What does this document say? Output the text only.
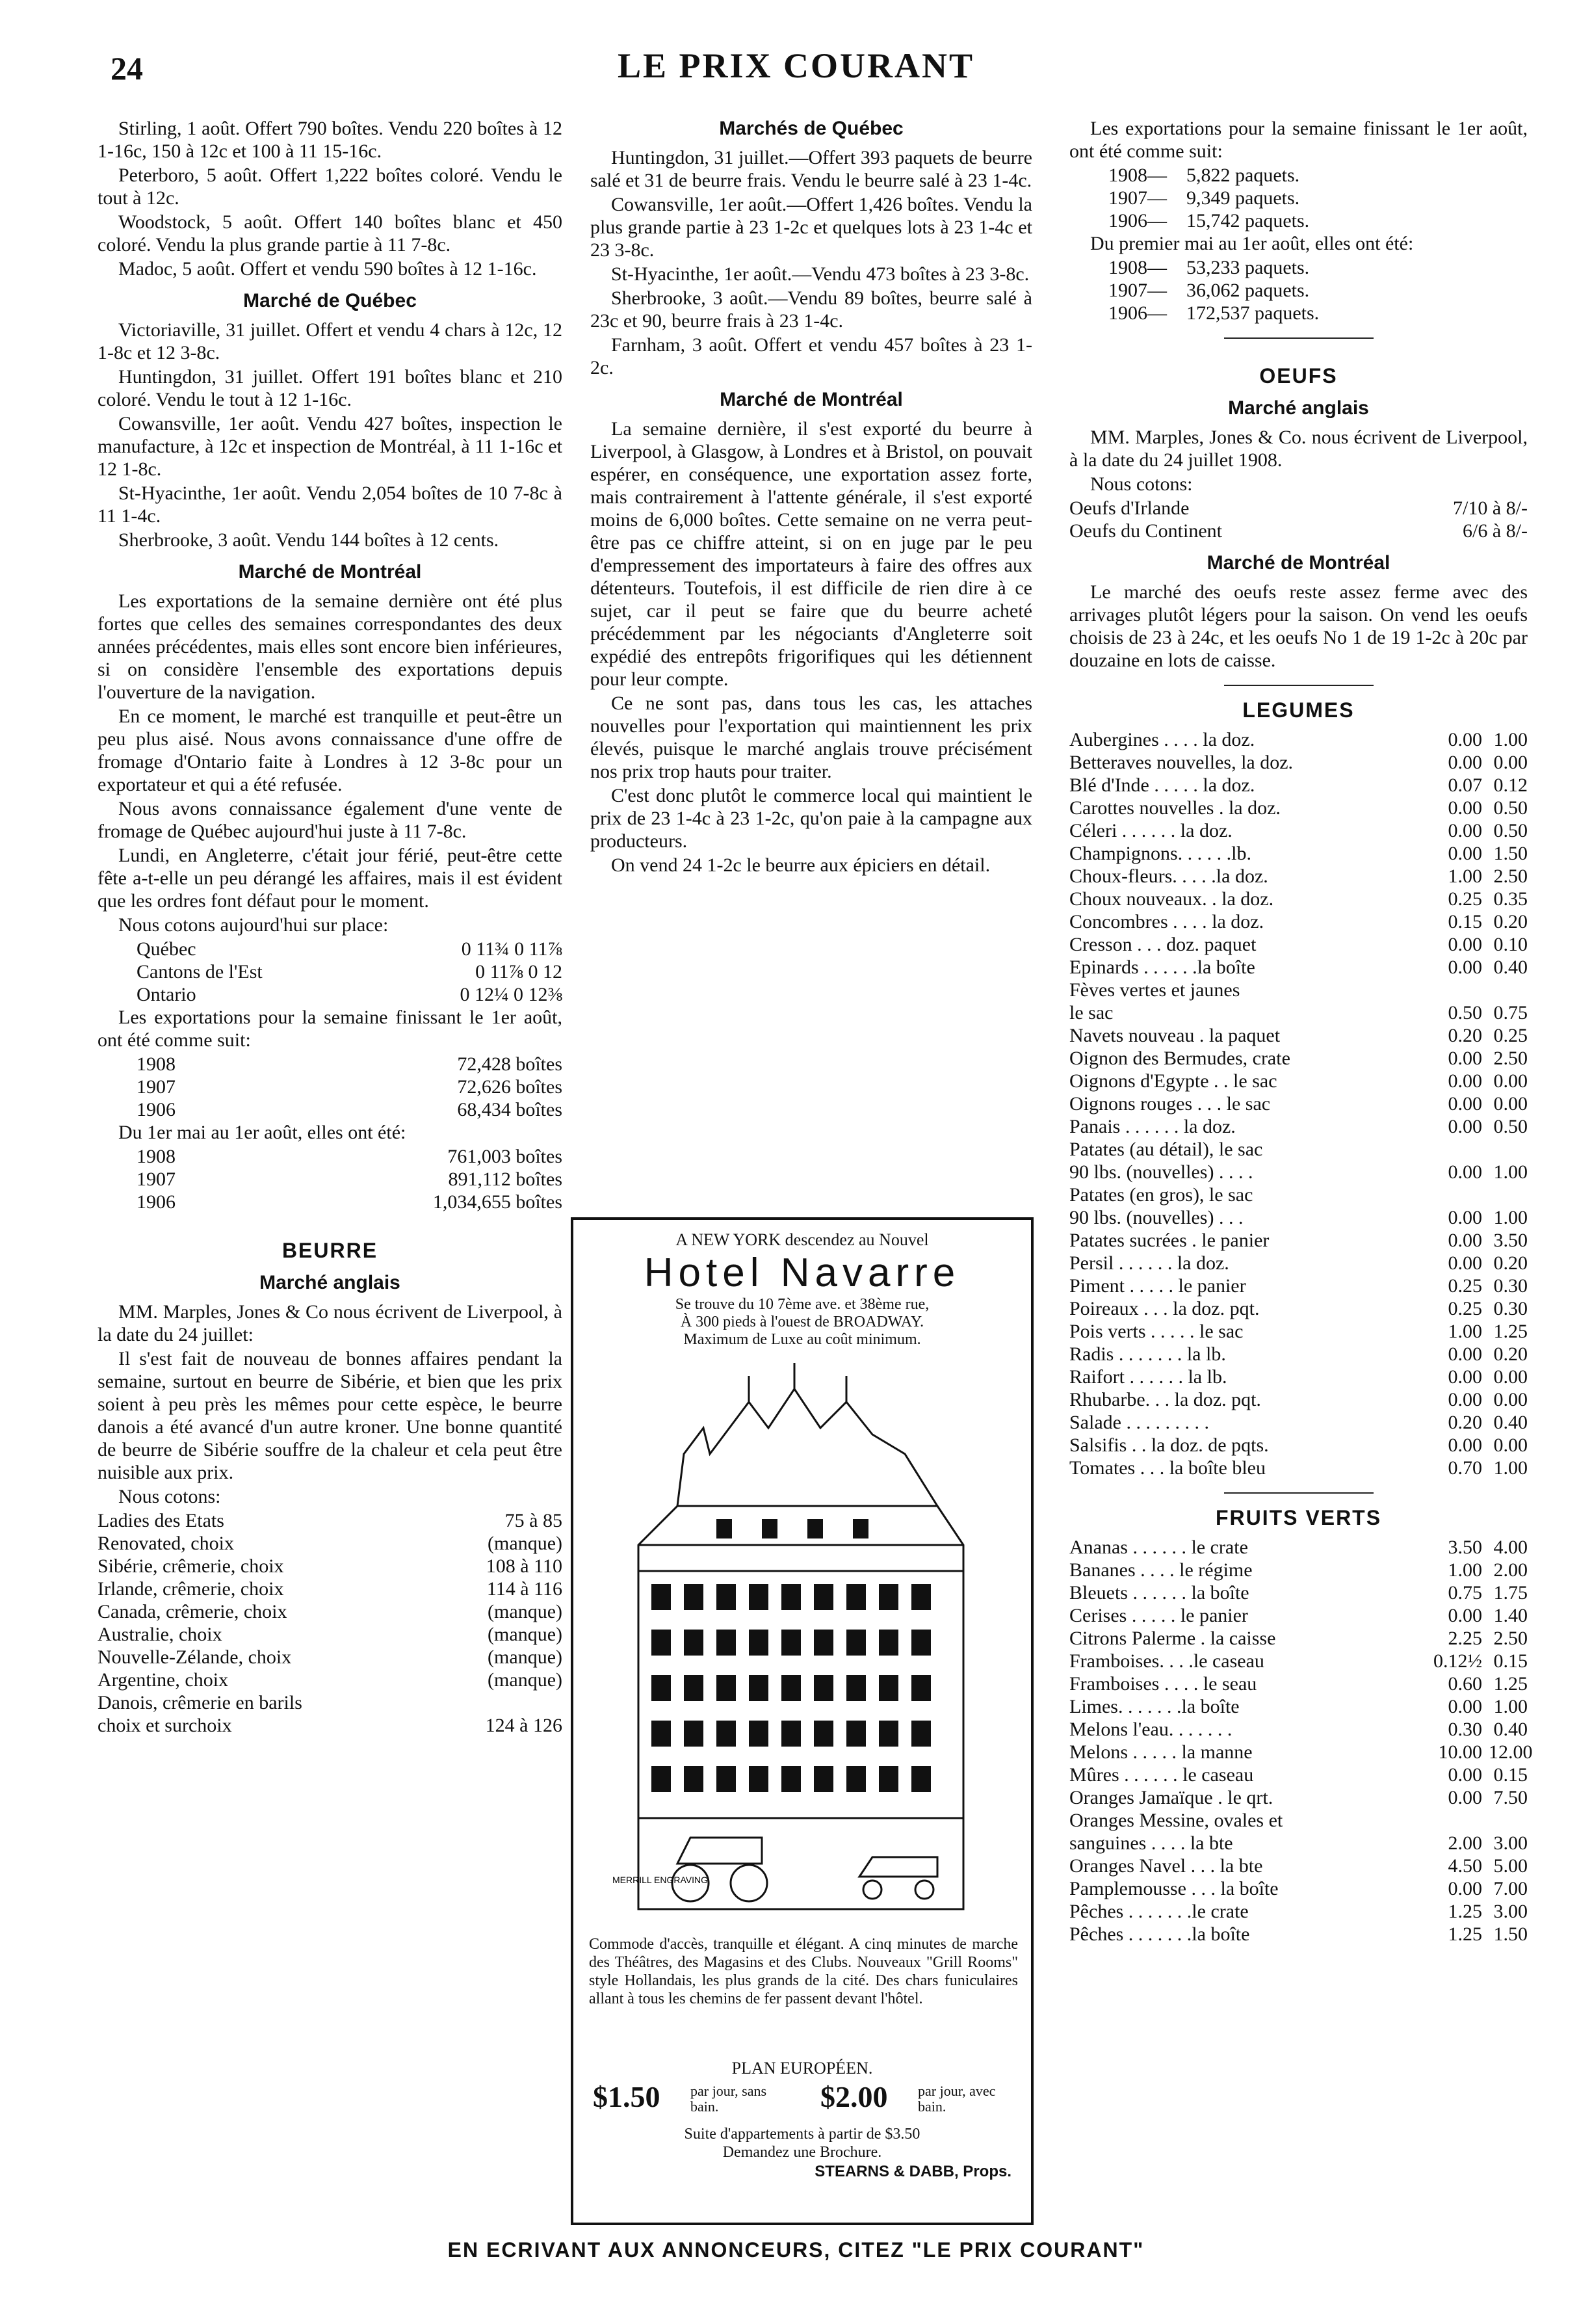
24	LE PRIX COURANT

Stirling, 1 août. Offert 790 boîtes. Vendu 220 boîtes à 12 1-16c, 150 à 12c et 100 à 11 15-16c.

Peterboro, 5 août. Offert 1,222 boîtes coloré. Vendu le tout à 12c.

Woodstock, 5 août. Offert 140 boîtes blanc et 450 coloré. Vendu la plus grande partie à 11 7-8c.

Madoc, 5 août. Offert et vendu 590 boîtes à 12 1-16c.

Marché de Québec

Victoriaville, 31 juillet. Offert et vendu 4 chars à 12c, 12 1-8c et 12 3-8c.

Huntingdon, 31 juillet. Offert 191 boîtes blanc et 210 coloré. Vendu le tout à 12 1-16c.

Cowansville, 1er août. Vendu 427 boîtes, inspection le manufacture, à 12c et inspection de Montréal, à 11 1-16c et 12 1-8c.

St-Hyacinthe, 1er août. Vendu 2,054 boîtes de 10 7-8c à 11 1-4c.

Sherbrooke, 3 août. Vendu 144 boîtes à 12 cents.

Marché de Montréal

Les exportations de la semaine dernière ont été plus fortes que celles des semaines correspondantes des deux années précédentes, mais elles sont encore bien inférieures, si on considère l'ensemble des exportations depuis l'ouverture de la navigation.

En ce moment, le marché est tranquille et peut-être un peu plus aisé. Nous avons connaissance d'une offre de fromage d'Ontario faite à Londres à 12 3-8c pour un exportateur et qui a été refusée.

Nous avons connaissance également d'une vente de fromage de Québec aujourd'hui juste à 11 7-8c.

Lundi, en Angleterre, c'était jour férié, peut-être cette fête a-t-elle un peu dérangé les affaires, mais il est évident que les ordres font défaut pour le moment.

Nous cotons aujourd'hui sur place:

Québec	0 11¾ 0 11⅞
Cantons de l'Est	0 11⅞ 0 12
Ontario	0 12¼ 0 12⅜

Les exportations pour la semaine finissant le 1er août, ont été comme suit:

1908	72,428 boîtes
1907	72,626 boîtes
1906	68,434 boîtes

Du 1er mai au 1er août, elles ont été:

1908	761,003 boîtes
1907	891,112 boîtes
1906	1,034,655 boîtes
BEURRE
Marché anglais

MM. Marples, Jones & Co nous écrivent de Liverpool, à la date du 24 juillet:

Il s'est fait de nouveau de bonnes affaires pendant la semaine, surtout en beurre de Sibérie, et bien que les prix soient à peu près les mêmes pour cette espèce, le beurre danois a été avancé d'un autre kroner. Une bonne quantité de beurre de Sibérie souffre de la chaleur et cela peut être nuisible aux prix.

Nous cotons:

Ladies des Etats	75 à 85
Renovated, choix	(manque)
Sibérie, crêmerie, choix	108 à 110
Irlande, crêmerie, choix	114 à 116
Canada, crêmerie, choix	(manque)
Australie, choix	(manque)
Nouvelle-Zélande, choix	(manque)
Argentine, choix	(manque)
Danois, crêmerie en barils
choix et surchoix	124 à 126
Marchés de Québec

Huntingdon, 31 juillet.—Offert 393 paquets de beurre salé et 31 de beurre frais. Vendu le beurre salé à 23 1-4c.

Cowansville, 1er août.—Offert 1,426 boîtes. Vendu la plus grande partie à 23 1-2c et quelques lots à 23 1-4c et 23 3-8c.

St-Hyacinthe, 1er août.—Vendu 473 boîtes à 23 3-8c.

Sherbrooke, 3 août.—Vendu 89 boîtes, beurre salé à 23c et 90, beurre frais à 23 1-4c.

Farnham, 3 août. Offert et vendu 457 boîtes à 23 1-2c.

Marché de Montréal

La semaine dernière, il s'est exporté du beurre à Liverpool, à Glasgow, à Londres et à Bristol, on pouvait espérer, en conséquence, une exportation assez forte, mais contrairement à l'attente générale, il s'est exporté moins de 6,000 boîtes. Cette semaine on ne verra peut-être pas ce chiffre atteint, si on en juge par le peu d'empressement des importateurs à faire des offres aux détenteurs. Toutefois, il est difficile de rien dire à ce sujet, car il peut se faire que du beurre acheté précédemment par les négociants d'Angleterre soit expédié des entrepôts frigorifiques qui les détiennent pour leur compte.

Ce ne sont pas, dans tous les cas, les attaches nouvelles pour l'exportation qui maintiennent les prix élevés, puisque le marché anglais trouve précisément nos prix trop hauts pour traiter.

C'est donc plutôt le commerce local qui maintient le prix de 23 1-4c à 23 1-2c, qu'on paie à la campagne aux producteurs.

On vend 24 1-2c le beurre aux épiciers en détail.

A NEW YORK descendez au Nouvel
Hotel Navarre
Se trouve du 10 7ème ave. et 38ème rue,
À 300 pieds à l'ouest de BROADWAY.
Maximum de Luxe au coût minimum.
MERRILL ENGRAVING
Commode d'accès, tranquille et élégant. A cinq minutes de marche des Théâtres, des Magasins et des Clubs. Nouveaux "Grill Rooms" style Hollandais, les plus grands de la cité. Des chars funiculaires allant à tous les chemins de fer passent devant l'hôtel.
PLAN EUROPÉEN.
$1.50 par jour, sans bain.	$2.00 par jour, avec bain.
Suite d'appartements à partir de $3.50
Demandez une Brochure.
STEARNS & DABB, Props.

Les exportations pour la semaine finissant le 1er août, ont été comme suit:

1908—	5,822 paquets.
1907—	9,349 paquets.
1906—	15,742 paquets.

Du premier mai au 1er août, elles ont été:

1908—	53,233 paquets.
1907—	36,062 paquets.
1906—	172,537 paquets.
OEUFS
Marché anglais

MM. Marples, Jones & Co. nous écrivent de Liverpool, à la date du 24 juillet 1908.

Nous cotons:

Oeufs d'Irlande	7/10 à 8/-
Oeufs du Continent	6/6 à 8/-
Marché de Montréal

Le marché des oeufs reste assez ferme avec des arrivages plutôt légers pour la saison. On vend les oeufs choisis de 23 à 24c, et les oeufs No 1 de 19 1-2c à 20c par douzaine en lots de caisse.

LEGUMES
Aubergines . . . . la doz.	0.00 1.00
Betteraves nouvelles, la doz.	0.00 0.00
Blé d'Inde . . . . . la doz.	0.07 0.12
Carottes nouvelles . la doz.	0.00 0.50
Céleri . . . . . . la doz.	0.00 0.50
Champignons. . . . . .lb.	0.00 1.50
Choux-fleurs. . . . .la doz.	1.00 2.50
Choux nouveaux. . la doz.	0.25 0.35
Concombres . . . . la doz.	0.15 0.20
Cresson . . . doz. paquet	0.00 0.10
Epinards . . . . . .la boîte	0.00 0.40
Fèves vertes et jaunes
le sac	0.50 0.75
Navets nouveau . la paquet	0.20 0.25
Oignon des Bermudes, crate	0.00 2.50
Oignons d'Egypte . . le sac	0.00 0.00
Oignons rouges . . . le sac	0.00 0.00
Panais . . . . . . la doz.	0.00 0.50
Patates (au détail), le sac
90 lbs. (nouvelles) . . . .	0.00 1.00
Patates (en gros), le sac
90 lbs. (nouvelles) . . .	0.00 1.00
Patates sucrées . le panier	0.00 3.50
Persil . . . . . . la doz.	0.00 0.20
Piment . . . . . le panier	0.25 0.30
Poireaux . . . la doz. pqt.	0.25 0.30
Pois verts . . . . . le sac	1.00 1.25
Radis . . . . . . . la lb.	0.00 0.20
Raifort . . . . . . la lb.	0.00 0.00
Rhubarbe. . . la doz. pqt.	0.00 0.00
Salade . . . . . . . . .	0.20 0.40
Salsifis . . la doz. de pqts.	0.00 0.00
Tomates . . . la boîte bleu	0.70 1.00
FRUITS VERTS
Ananas . . . . . . le crate	3.50 4.00
Bananes . . . . le régime	1.00 2.00
Bleuets . . . . . . la boîte	0.75 1.75
Cerises . . . . . le panier	0.00 1.40
Citrons Palerme . la caisse	2.25 2.50
Framboises. . . .le caseau	0.12½ 0.15
Framboises . . . . le seau	0.60 1.25
Limes. . . . . . .la boîte	0.00 1.00
Melons l'eau. . . . . . .	0.30 0.40
Melons . . . . . la manne	10.00 12.00
Mûres . . . . . . le caseau	0.00 0.15
Oranges Jamaïque . le qrt.	0.00 7.50
Oranges Messine, ovales et
sanguines . . . . la bte	2.00 3.00
Oranges Navel . . . la bte	4.50 5.00
Pamplemousse . . . la boîte	0.00 7.00
Pêches . . . . . . .le crate	1.25 3.00
Pêches . . . . . . .la boîte	1.25 1.50
EN ECRIVANT AUX ANNONCEURS, CITEZ "LE PRIX COURANT"
